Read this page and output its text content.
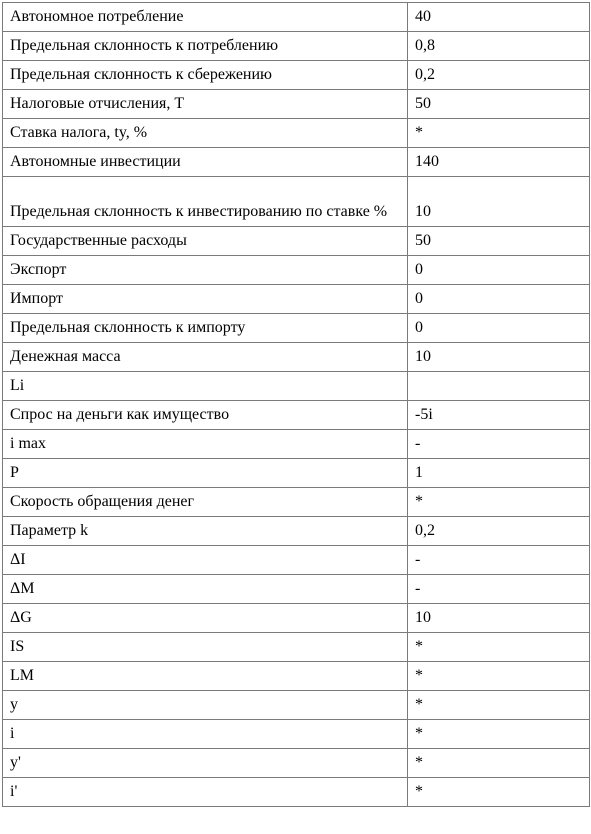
Автономное потребление	40
Предельная склонность к потреблению	0,8
Предельная склонность к сбережению	0,2
Налоговые отчисления, T	50
Ставка налога, ty, %	*
Автономные инвестиции	140
Предельная склонность к инвестированию по ставке %	10
Государственные расходы	50
Экспорт	0
Импорт	0
Предельная склонность к импорту	0
Денежная масса	10
Li	
Спрос на деньги как имущество	-5i
i max	-
P	1
Скорость обращения денег	*
Параметр k	0,2
ΔI	-
ΔM	-
ΔG	10
IS	*
LM	*
y	*
i	*
y'	*
i'	*
